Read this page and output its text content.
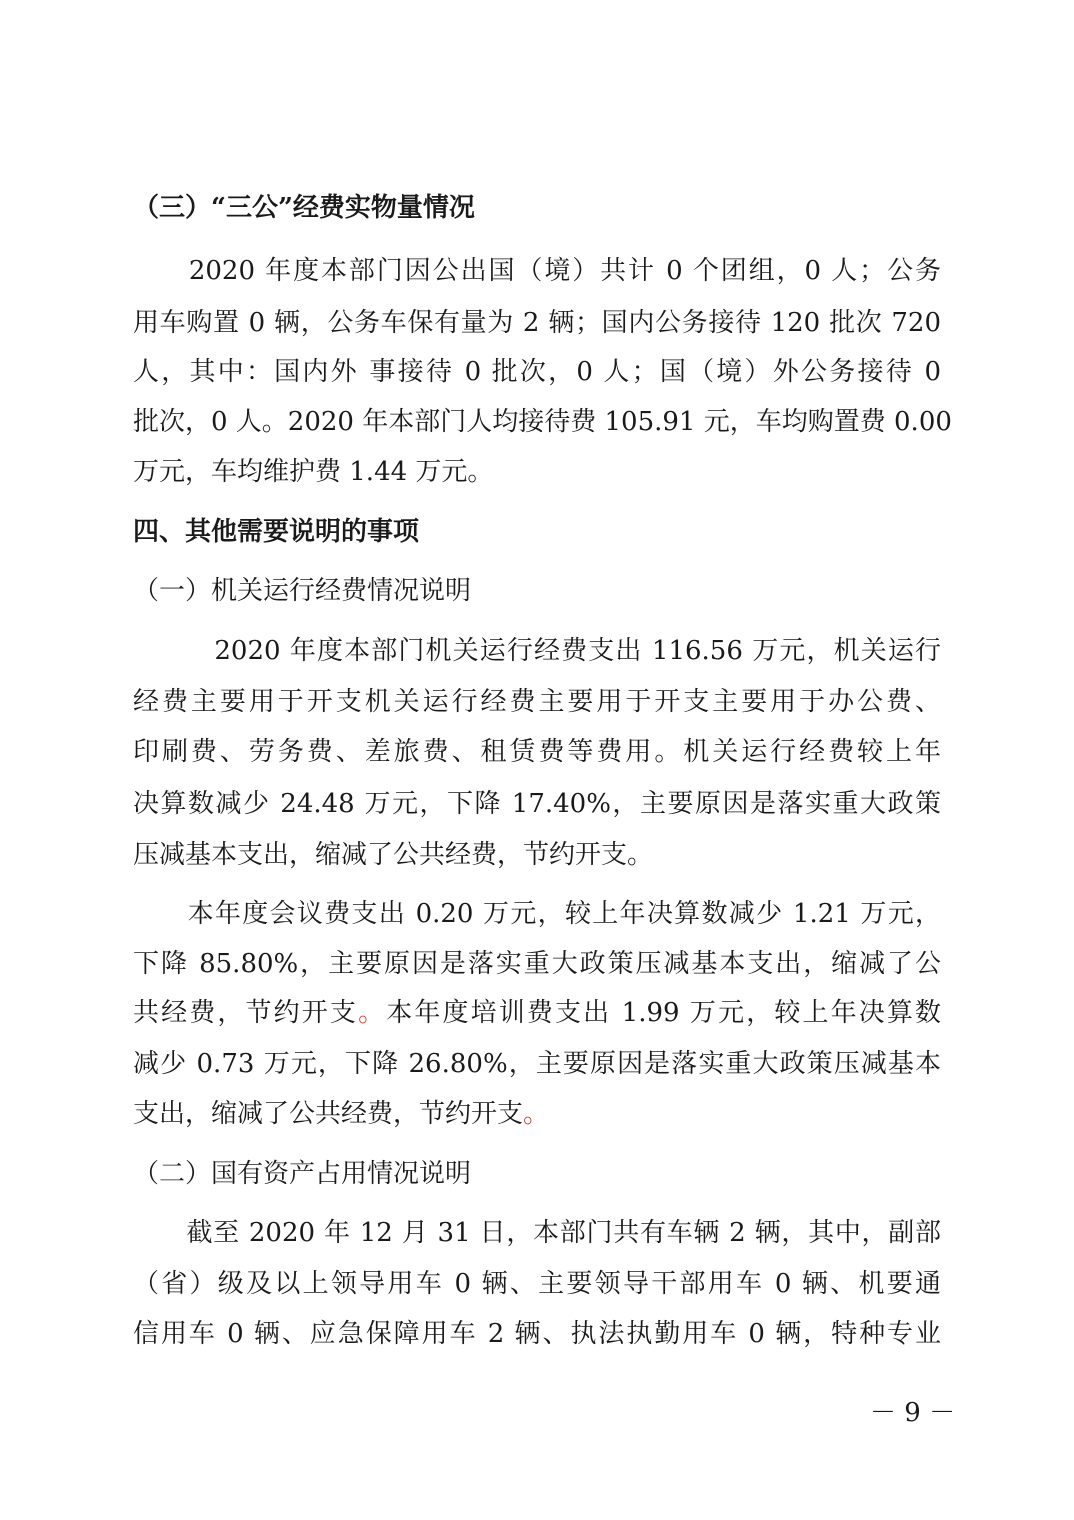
（三）“三公”经费实物量情况
　　2020 年度本部门因公出国（境）共计 0 个团组，0 人；公务
用车购置 0 辆，公务车保有量为 2 辆；国内公务接待 120 批次 720
人，其中：国内外 事接待 0 批次，0 人；国（境）外公务接待 0
批次，0 人。2020 年本部门人均接待费 105.91 元，车均购置费 0.00
万元，车均维护费 1.44 万元。
四、其他需要说明的事项
（一）机关运行经费情况说明
　　　2020 年度本部门机关运行经费支出 116.56 万元，机关运行
经费主要用于开支机关运行经费主要用于开支主要用于办公费、
印刷费、劳务费、差旅费、租赁费等费用。机关运行经费较上年
决算数减少 24.48 万元，下降 17.40%，主要原因是落实重大政策
压减基本支出，缩减了公共经费，节约开支。
　　本年度会议费支出 0.20 万元，较上年决算数减少 1.21 万元，
下降 85.80%，主要原因是落实重大政策压减基本支出，缩减了公
共经费，节约开支。本年度培训费支出 1.99 万元，较上年决算数
减少 0.73 万元，下降 26.80%，主要原因是落实重大政策压减基本
支出，缩减了公共经费，节约开支。
（二）国有资产占用情况说明
　　截至 2020 年 12 月 31 日，本部门共有车辆 2 辆，其中，副部
（省）级及以上领导用车 0 辆、主要领导干部用车 0 辆、机要通
信用车 0 辆、应急保障用车 2 辆、执法执勤用车 0 辆，特种专业
－ 9 －
